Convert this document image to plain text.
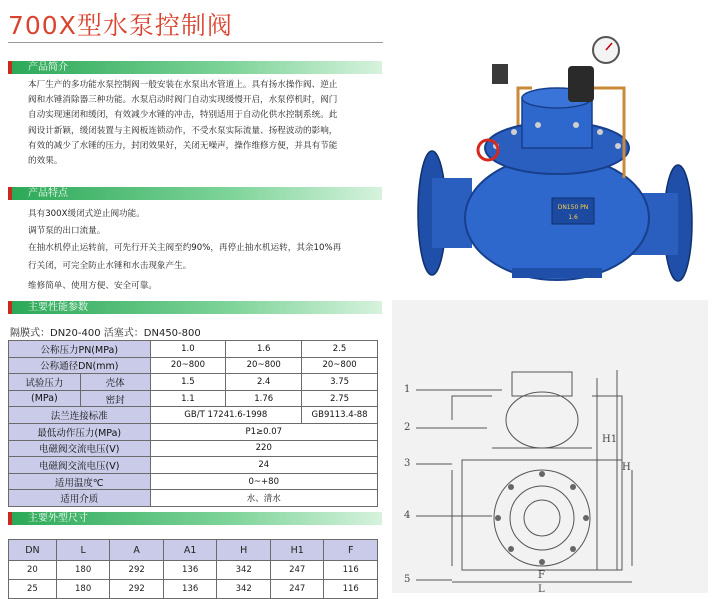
700X型水泵控制阀
产品简介
本厂生产的多功能水泵控制阀一般安装在水泵出水管道上。具有扬水操作阀、逆止
阀和水锤消除器三种功能。水泵启动时阀门自动实现缓慢开启，水泵停机时，阀门
自动实现速闭和缓闭，有效减少水锤的冲击，特别适用于自动化供水控制系统。此
阀设计新颖，缓闭装置与主阀板连锁动作，不受水泵实际流量、扬程波动的影响，
有效的减少了水锤的压力，封闭效果好，关闭无噪声，操作维修方便，并具有节能
的效果。
产品特点
具有300X缓闭式逆止阀功能。
调节泵的出口流量。
在抽水机停止运转前，可先行开关主阀至约90%，再停止抽水机运转，其余10%再
行关闭，可完全防止水锤和水击现象产生。
维修简单、使用方便、安全可靠。
主要性能参数
隔膜式：DN20-400 活塞式：DN450-800
公称压力PN(MPa)		1.0	1.6	2.5
公称通径DN(mm)		20~800	20~800	20~800
试验压力	壳体	1.5	2.4	3.75
(MPa)	密封	1.1	1.76	2.75
法兰连接标准		GB/T 17241.6-1998		GB9113.4-88
最低动作压力(MPa)		P1≥0.07		
电磁阀交流电压(V)		220		
电磁阀交流电压(V)		24		
适用温度℃		0~+80		
适用介质		水、清水		
主要外型尺寸
DN	L	A	A1	H	H1	F
20	180	292	136	342	247	116
25	180	292	136	342	247	116
DN150 PN
1.6
1
2
3
4
5
H
H1
F
L
